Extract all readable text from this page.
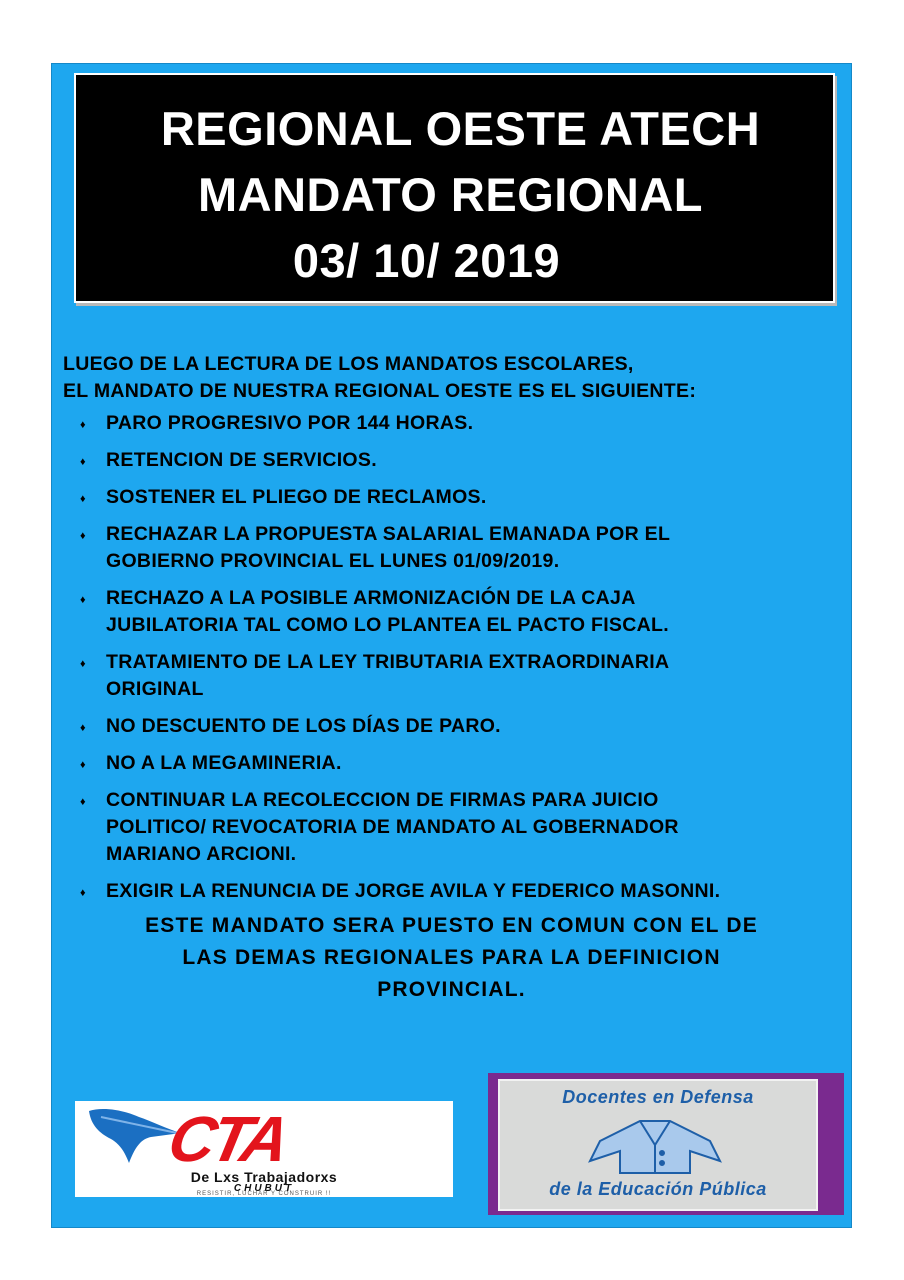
REGIONAL OESTE ATECH
MANDATO REGIONAL
03/ 10/ 2019
LUEGO DE LA LECTURA DE LOS MANDATOS ESCOLARES,
EL MANDATO DE NUESTRA REGIONAL OESTE ES EL SIGUIENTE:
♦ PARO PROGRESIVO POR 144 HORAS.
♦ RETENCION DE SERVICIOS.
♦ SOSTENER EL PLIEGO DE RECLAMOS.
♦ RECHAZAR LA PROPUESTA SALARIAL EMANADA POR EL
GOBIERNO PROVINCIAL EL LUNES 01/09/2019.
♦ RECHAZO A LA POSIBLE ARMONIZACIÓN DE LA CAJA
JUBILATORIA TAL COMO LO PLANTEA EL PACTO FISCAL.
♦ TRATAMIENTO DE LA LEY TRIBUTARIA EXTRAORDINARIA
ORIGINAL
♦ NO DESCUENTO DE LOS DÍAS DE PARO.
♦ NO A LA MEGAMINERIA.
♦ CONTINUAR LA RECOLECCION DE FIRMAS PARA JUICIO
POLITICO/ REVOCATORIA DE MANDATO AL GOBERNADOR
MARIANO ARCIONI.
♦ EXIGIR LA RENUNCIA DE JORGE AVILA Y FEDERICO MASONNI.
ESTE MANDATO SERA PUESTO EN COMUN CON EL DE
LAS DEMAS REGIONALES PARA LA DEFINICION
PROVINCIAL.
CTA
De Lxs Trabajadorxs
CHUBUT
RESISTIR, LUCHAR Y CONSTRUIR !!
Docentes en Defensa
de la Educación Pública
